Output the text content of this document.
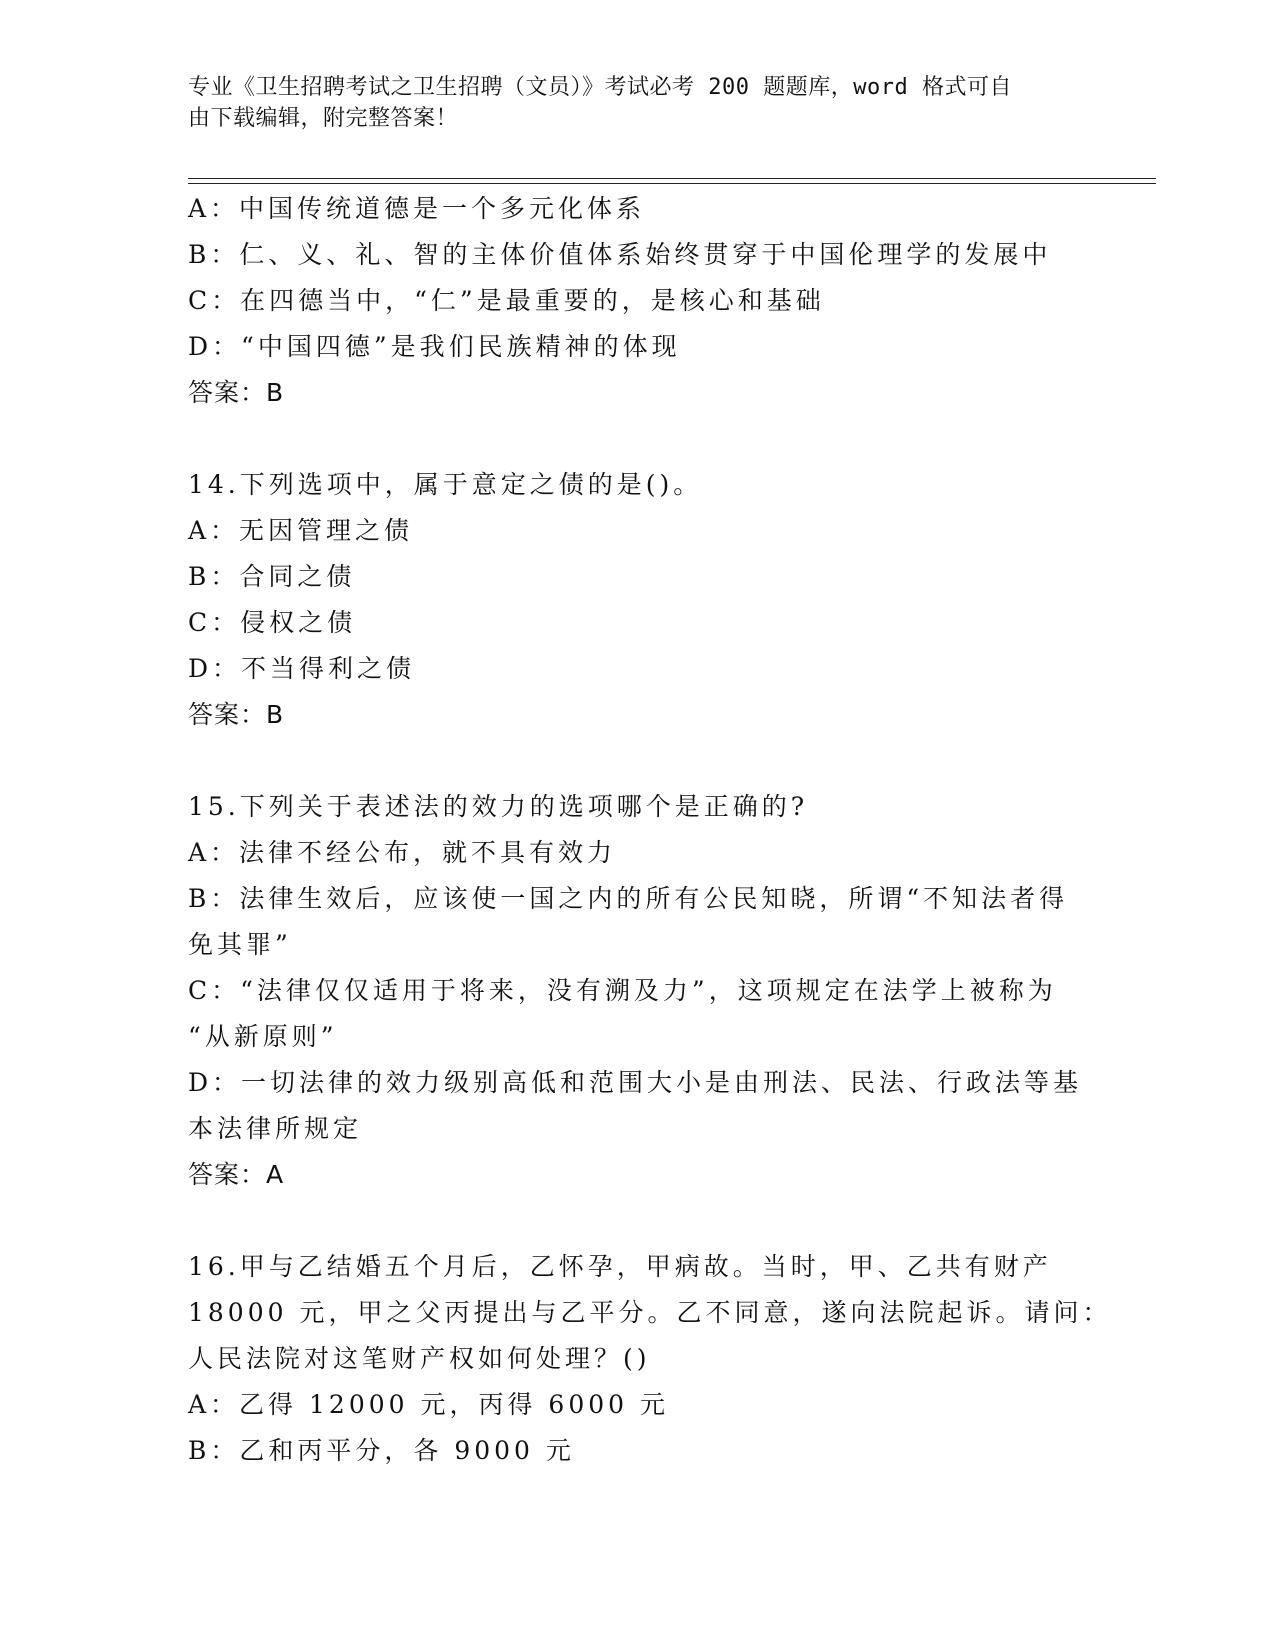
专业《卫生招聘考试之卫生招聘（文员）》考试必考 200 题题库，word 格式可自
由下载编辑，附完整答案！
A：中国传统道德是一个多元化体系
B：仁、义、礼、智的主体价值体系始终贯穿于中国伦理学的发展中
C：在四德当中，“仁”是最重要的，是核心和基础
D：“中国四德”是我们民族精神的体现
答案：B
14.下列选项中，属于意定之债的是()。
A：无因管理之债
B：合同之债
C：侵权之债
D：不当得利之债
答案：B
15.下列关于表述法的效力的选项哪个是正确的?
A：法律不经公布，就不具有效力
B：法律生效后，应该使一国之内的所有公民知晓，所谓“不知法者得
免其罪”
C：“法律仅仅适用于将来，没有溯及力”，这项规定在法学上被称为
“从新原则”
D：一切法律的效力级别高低和范围大小是由刑法、民法、行政法等基
本法律所规定
答案：A
16.甲与乙结婚五个月后，乙怀孕，甲病故。当时，甲、乙共有财产
18000 元，甲之父丙提出与乙平分。乙不同意，遂向法院起诉。请问：
人民法院对这笔财产权如何处理？()
A：乙得 12000 元，丙得 6000 元
B：乙和丙平分，各 9000 元
